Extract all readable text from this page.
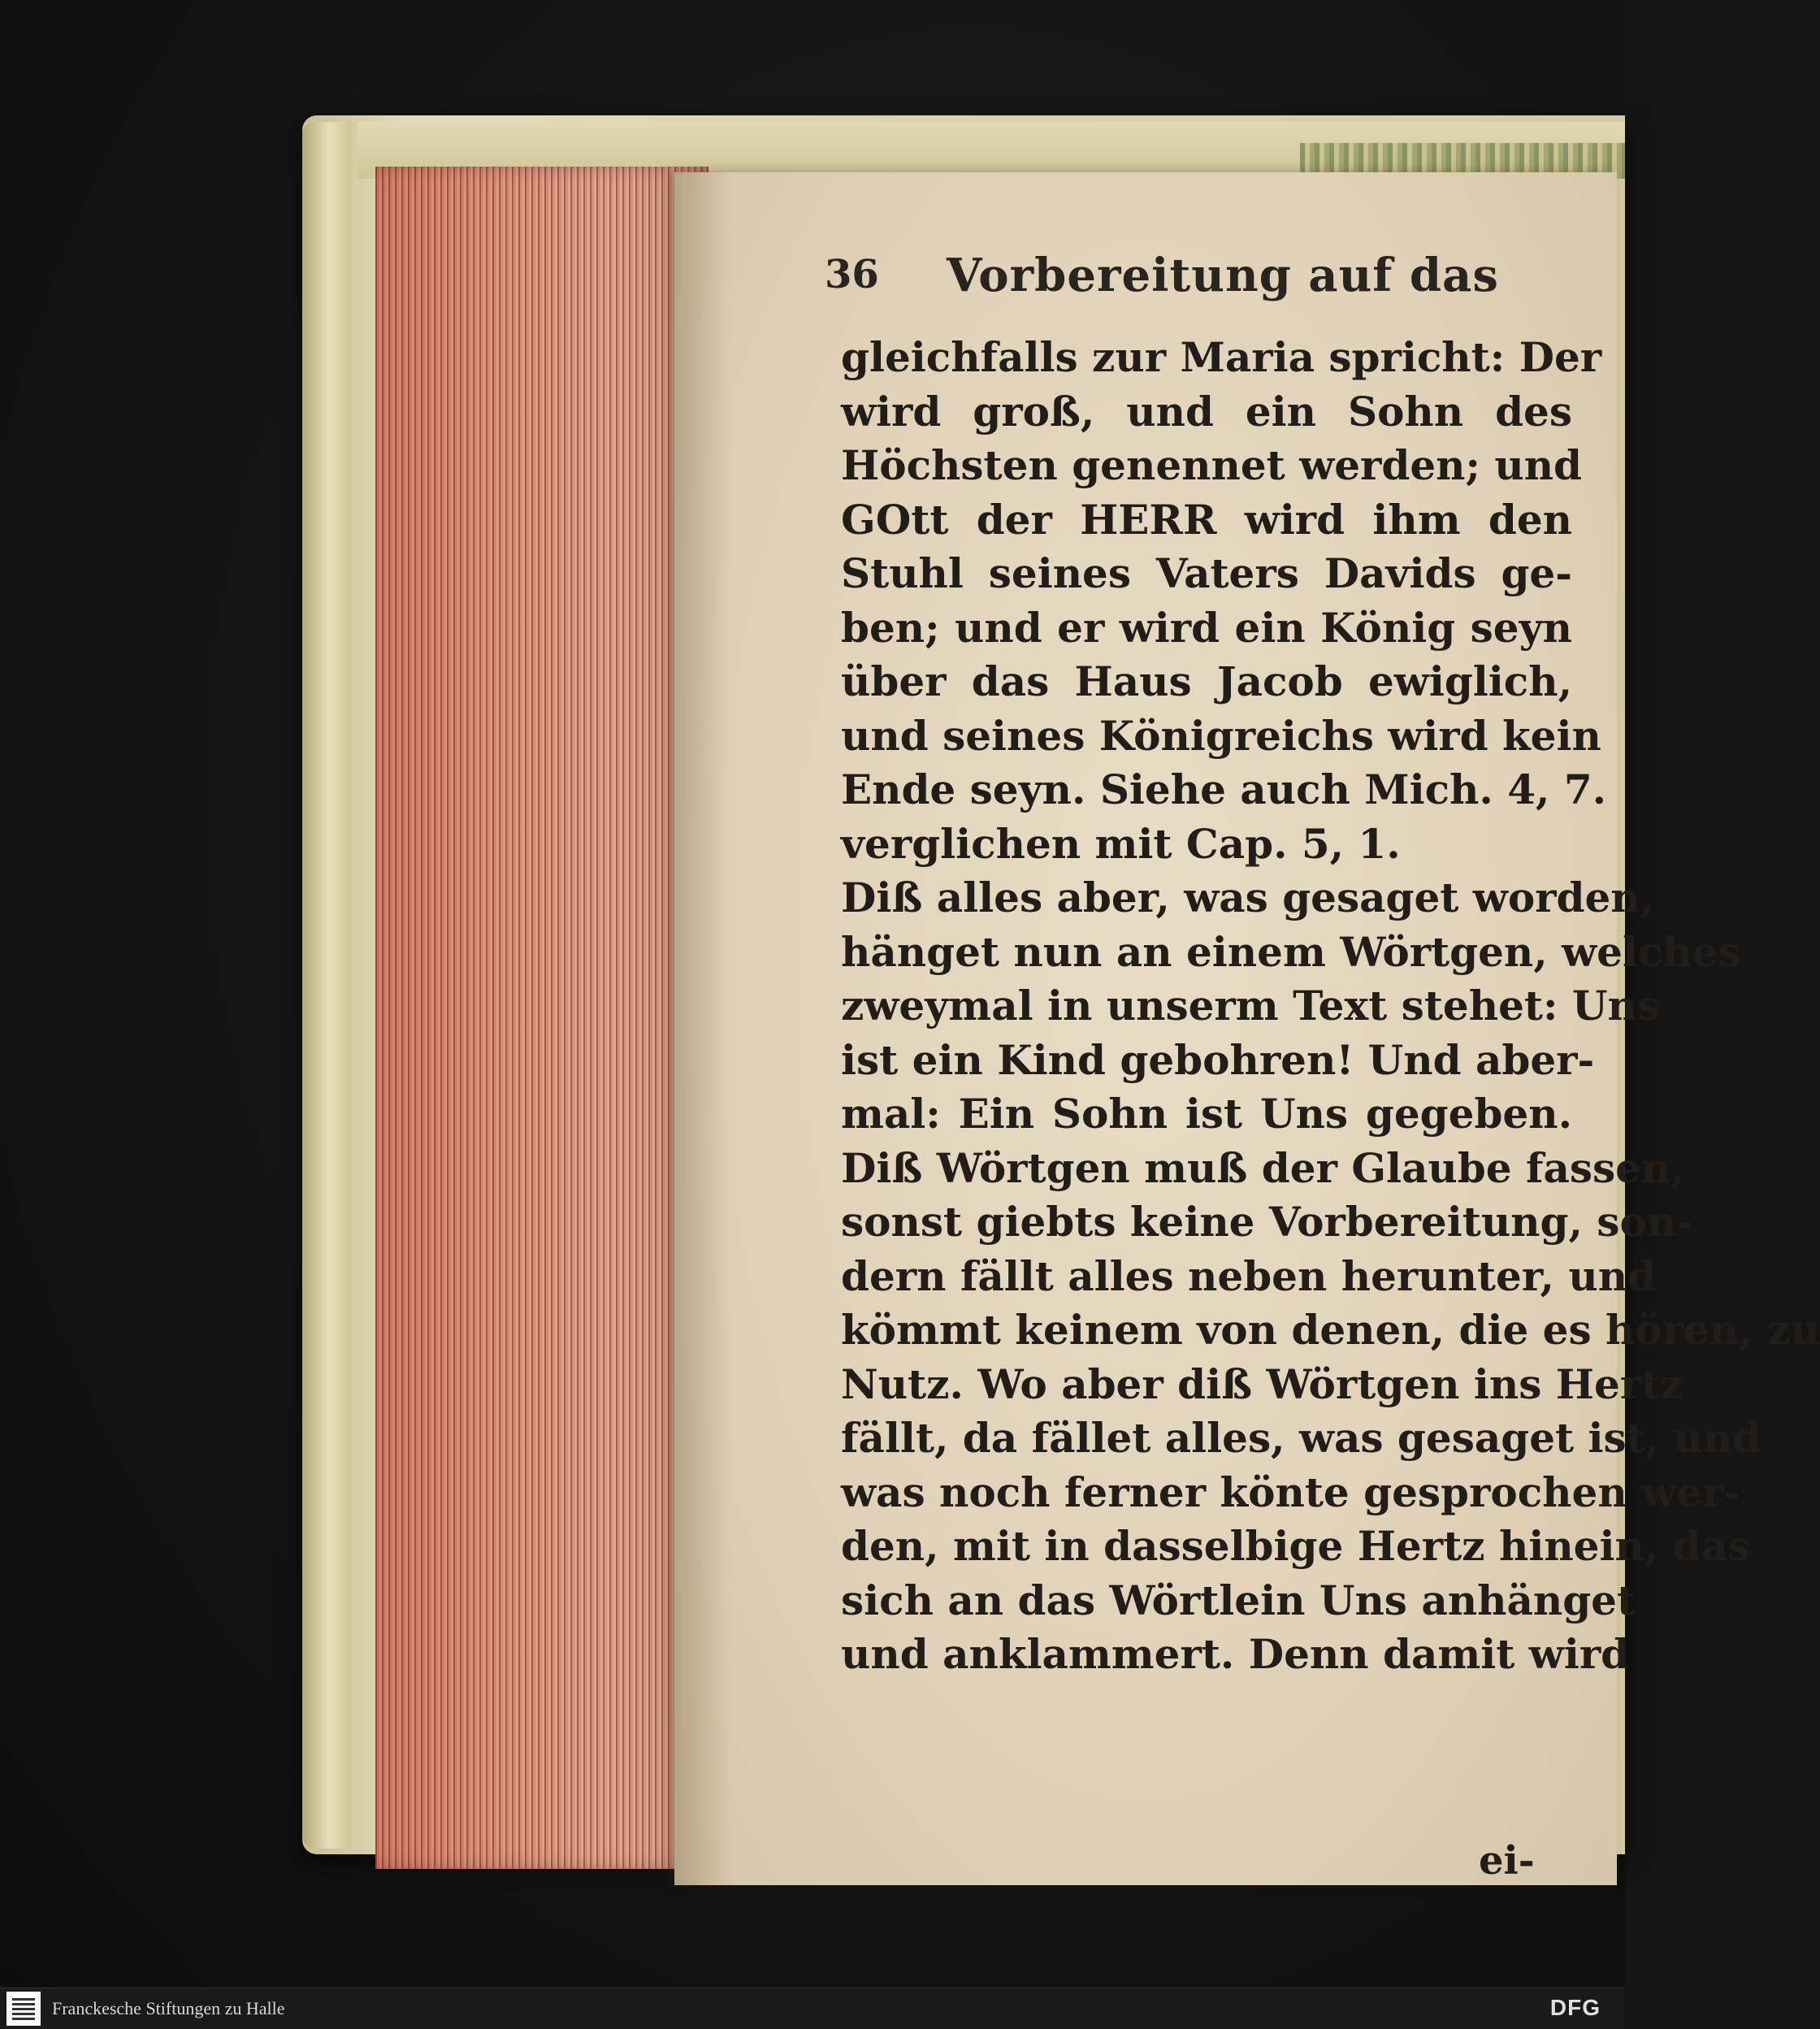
36 Vorbereitung auf das
gleichfalls zur Maria spricht: Der
wird groß, und ein Sohn des
Höchsten genennet werden; und
GOtt der HERR wird ihm den
Stuhl seines Vaters Davids ge-
ben; und er wird ein König seyn
über das Haus Jacob ewiglich,
und seines Königreichs wird kein
Ende seyn. Siehe auch Mich. 4, 7.
verglichen mit Cap. 5, 1.
Diß alles aber, was gesaget worden,
hänget nun an einem Wörtgen, welches
zweymal in unserm Text stehet: Uns
ist ein Kind gebohren! Und aber-
mal: Ein Sohn ist Uns gegeben.
Diß Wörtgen muß der Glaube fassen,
sonst giebts keine Vorbereitung, son-
dern fällt alles neben herunter, und
kömmt keinem von denen, die es hören, zu
Nutz. Wo aber diß Wörtgen ins Hertz
fällt, da fället alles, was gesaget ist, und
was noch ferner könte gesprochen wer-
den, mit in dasselbige Hertz hinein, das
sich an das Wörtlein Uns anhänget
und anklammert. Denn damit wird
ei-
Franckesche Stiftungen zu Halle	DFG
